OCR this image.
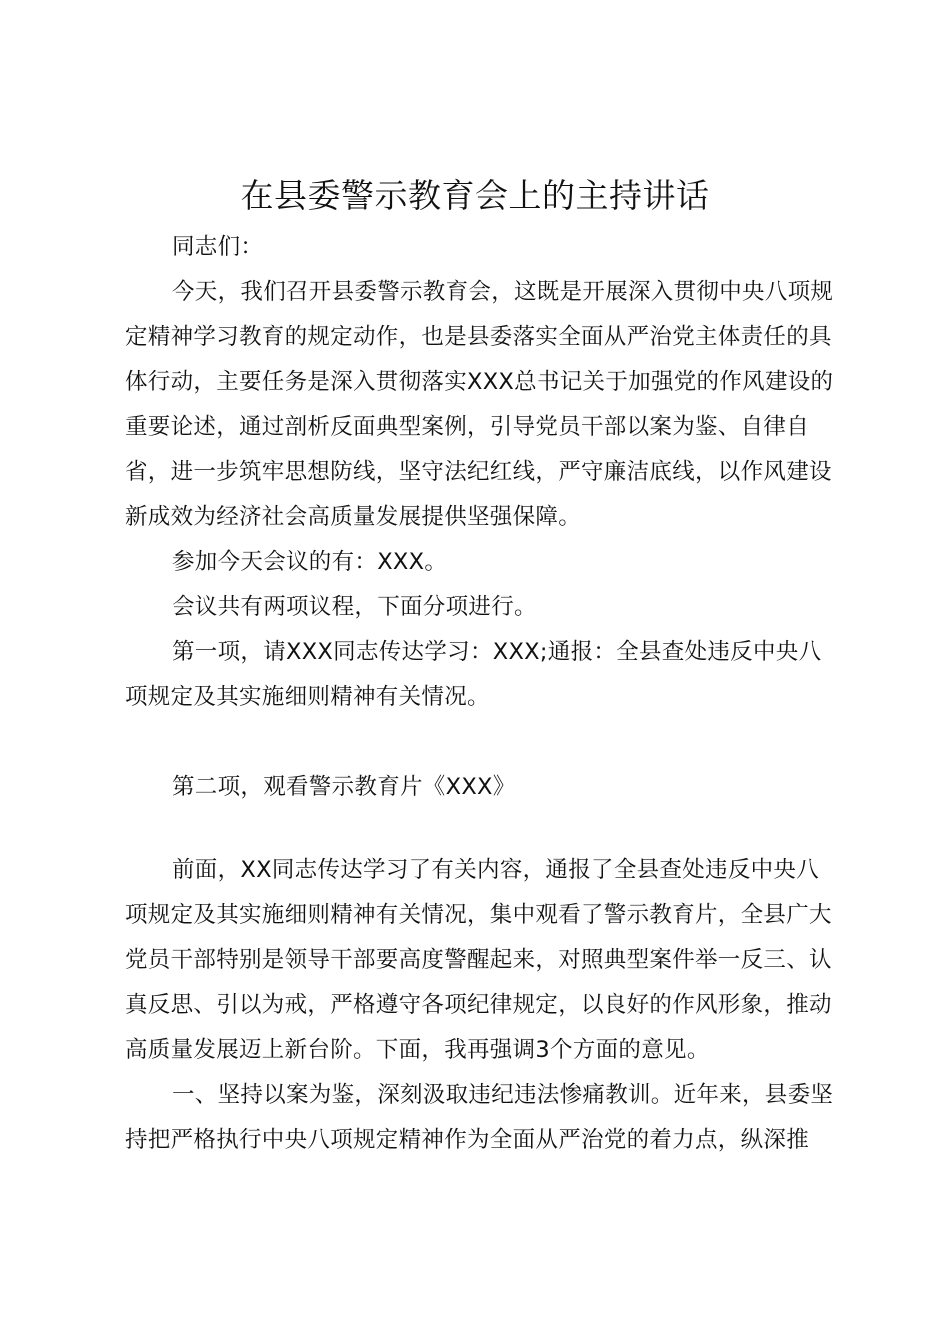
在县委警示教育会上的主持讲话

同志们：

今天，我们召开县委警示教育会，这既是开展深入贯彻中央八项规定精神学习教育的规定动作，也是县委落实全面从严治党主体责任的具体行动，主要任务是深入贯彻落实XXX总书记关于加强党的作风建设的重要论述，通过剖析反面典型案例，引导党员干部以案为鉴、自律自省，进一步筑牢思想防线，坚守法纪红线，严守廉洁底线，以作风建设新成效为经济社会高质量发展提供坚强保障。

参加今天会议的有：XXX。

会议共有两项议程，下面分项进行。

第一项，请XXX同志传达学习：XXX;通报：全县查处违反中央八项规定及其实施细则精神有关情况。

第二项，观看警示教育片《XXX》

前面，XX同志传达学习了有关内容，通报了全县查处违反中央八项规定及其实施细则精神有关情况，集中观看了警示教育片，全县广大党员干部特别是领导干部要高度警醒起来，对照典型案件举一反三、认真反思、引以为戒，严格遵守各项纪律规定，以良好的作风形象，推动高质量发展迈上新台阶。下面，我再强调3个方面的意见。

一、坚持以案为鉴，深刻汲取违纪违法惨痛教训。近年来，县委坚持把严格执行中央八项规定精神作为全面从严治党的着力点，纵深推
